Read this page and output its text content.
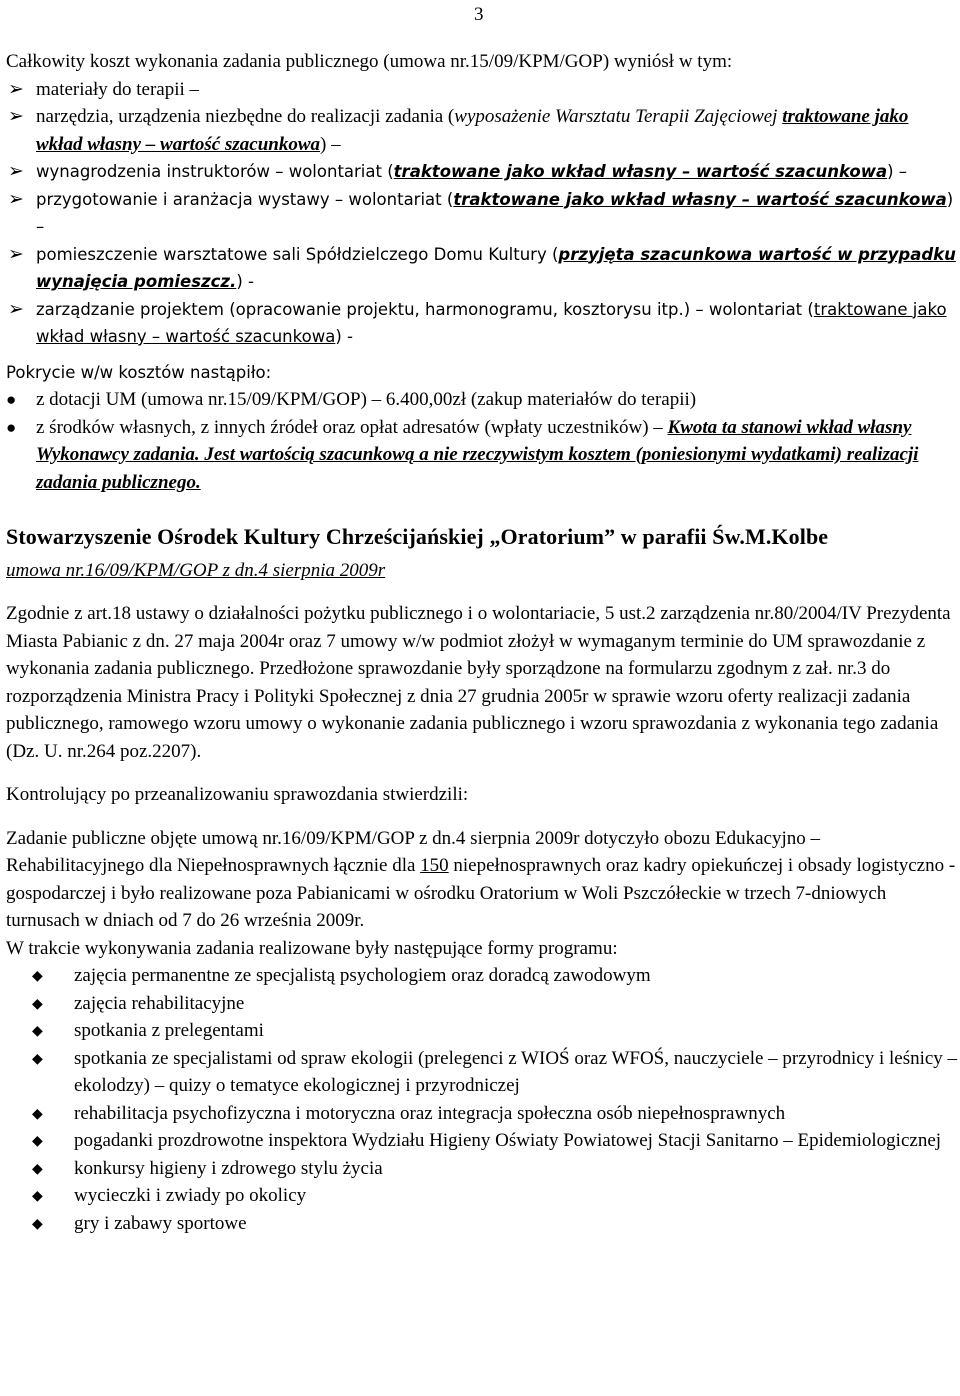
3

Całkowity koszt wykonania zadania publicznego (umowa nr.15/09/KPM/GOP) wyniósł w tym:

➢ materiały do terapii –
➢ narzędzia, urządzenia niezbędne do realizacji zadania (wyposażenie Warsztatu Terapii Zajęciowej traktowane jako wkład własny – wartość szacunkowa) –
➢ wynagrodzenia instruktorów – wolontariat (traktowane jako wkład własny – wartość szacunkowa) –
➢ przygotowanie i aranżacja wystawy – wolontariat (traktowane jako wkład własny – wartość szacunkowa) –
➢ pomieszczenie warsztatowe sali Spółdzielczego Domu Kultury (przyjęta szacunkowa wartość w przypadku wynajęcia pomieszcz.) -
➢ zarządzanie projektem (opracowanie projektu, harmonogramu, kosztorysu itp.) – wolontariat (traktowane jako wkład własny – wartość szacunkowa) -

Pokrycie w/w kosztów nastąpiło:

● z dotacji UM (umowa nr.15/09/KPM/GOP) – 6.400,00zł (zakup materiałów do terapii)
● z środków własnych, z innych źródeł oraz opłat adresatów (wpłaty uczestników) – Kwota ta stanowi wkład własny Wykonawcy zadania. Jest wartością szacunkową a nie rzeczywistym kosztem (poniesionymi wydatkami) realizacji zadania publicznego.

Stowarzyszenie Ośrodek Kultury Chrześcijańskiej „Oratorium” w parafii Św.M.Kolbe

umowa nr.16/09/KPM/GOP z dn.4 sierpnia 2009r

Zgodnie z art.18 ustawy o działalności pożytku publicznego i o wolontariacie, 5 ust.2 zarządzenia nr.80/2004/IV Prezydenta Miasta Pabianic z dn. 27 maja 2004r oraz 7 umowy w/w podmiot złożył w wymaganym terminie do UM sprawozdanie z wykonania zadania publicznego. Przedłożone sprawozdanie były sporządzone na formularzu zgodnym z zał. nr.3 do rozporządzenia Ministra Pracy i Polityki Społecznej z dnia 27 grudnia 2005r w sprawie wzoru oferty realizacji zadania publicznego, ramowego wzoru umowy o wykonanie zadania publicznego i wzoru sprawozdania z wykonania tego zadania (Dz. U. nr.264 poz.2207).

Kontrolujący po przeanalizowaniu sprawozdania stwierdzili:

Zadanie publiczne objęte umową nr.16/09/KPM/GOP z dn.4 sierpnia 2009r dotyczyło obozu Edukacyjno – Rehabilitacyjnego dla Niepełnosprawnych łącznie dla 150 niepełnosprawnych oraz kadry opiekuńczej i obsady logistyczno - gospodarczej i było realizowane poza Pabianicami w ośrodku Oratorium w Woli Pszczółeckie w trzech 7-dniowych turnusach w dniach od 7 do 26 września 2009r.

W trakcie wykonywania zadania realizowane były następujące formy programu:

◆ zajęcia permanentne ze specjalistą psychologiem oraz doradcą zawodowym
◆ zajęcia rehabilitacyjne
◆ spotkania z prelegentami
◆ spotkania ze specjalistami od spraw ekologii (prelegenci z WIOŚ oraz WFOŚ, nauczyciele – przyrodnicy i leśnicy – ekolodzy) – quizy o tematyce ekologicznej i przyrodniczej
◆ rehabilitacja psychofizyczna i motoryczna oraz integracja społeczna osób niepełnosprawnych
◆ pogadanki prozdrowotne inspektora Wydziału Higieny Oświaty Powiatowej Stacji Sanitarno – Epidemiologicznej
◆ konkursy higieny i zdrowego stylu życia
◆ wycieczki i zwiady po okolicy
◆ gry i zabawy sportowe
